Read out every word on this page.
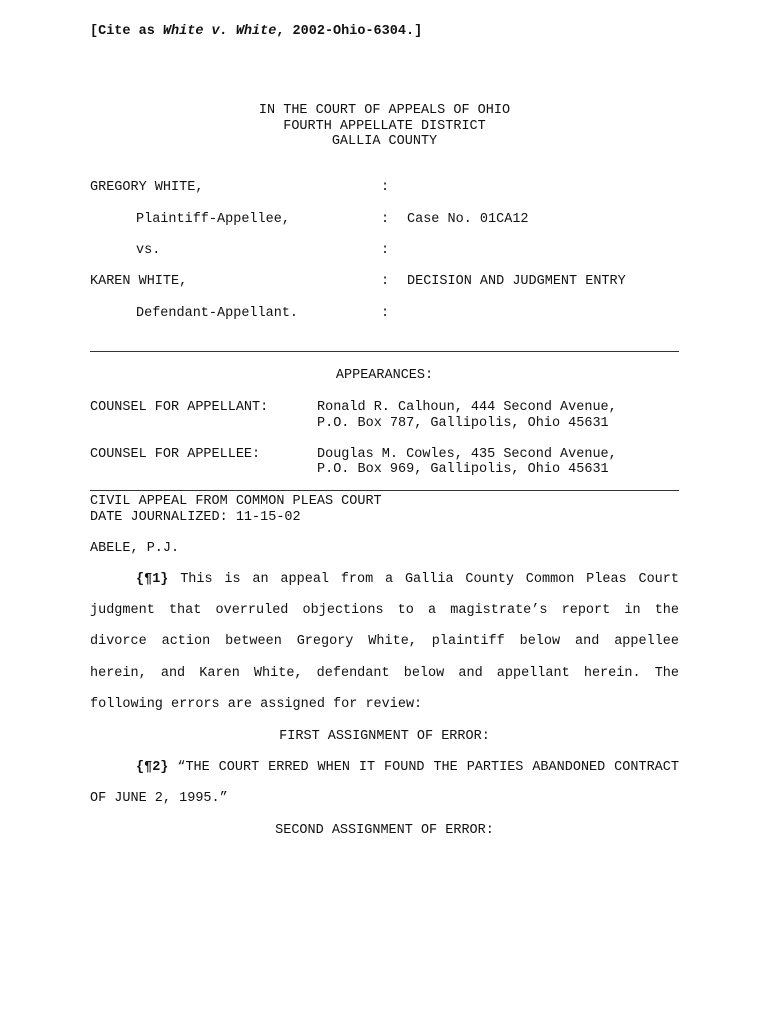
[Cite as White v. White, 2002-Ohio-6304.]
IN THE COURT OF APPEALS OF OHIO
FOURTH APPELLATE DISTRICT
GALLIA COUNTY
GREGORY WHITE,	:
Plaintiff-Appellee,	: Case No. 01CA12
vs.	:
KAREN WHITE,	: DECISION AND JUDGMENT ENTRY
Defendant-Appellant.	:
APPEARANCES:
COUNSEL FOR APPELLANT:	Ronald R. Calhoun, 444 Second Avenue,
P.O. Box 787, Gallipolis, Ohio 45631
COUNSEL FOR APPELLEE:	Douglas M. Cowles, 435 Second Avenue,
P.O. Box 969, Gallipolis, Ohio 45631
CIVIL APPEAL FROM COMMON PLEAS COURT
DATE JOURNALIZED: 11-15-02
ABELE, P.J.
{¶1} This is an appeal from a Gallia County Common Pleas Court judgment that overruled objections to a magistrate’s report in the divorce action between Gregory White, plaintiff below and appellee herein, and Karen White, defendant below and appellant herein. The following errors are assigned for review:
FIRST ASSIGNMENT OF ERROR:
{¶2} “THE COURT ERRED WHEN IT FOUND THE PARTIES ABANDONED CONTRACT OF JUNE 2, 1995.”
SECOND ASSIGNMENT OF ERROR:
